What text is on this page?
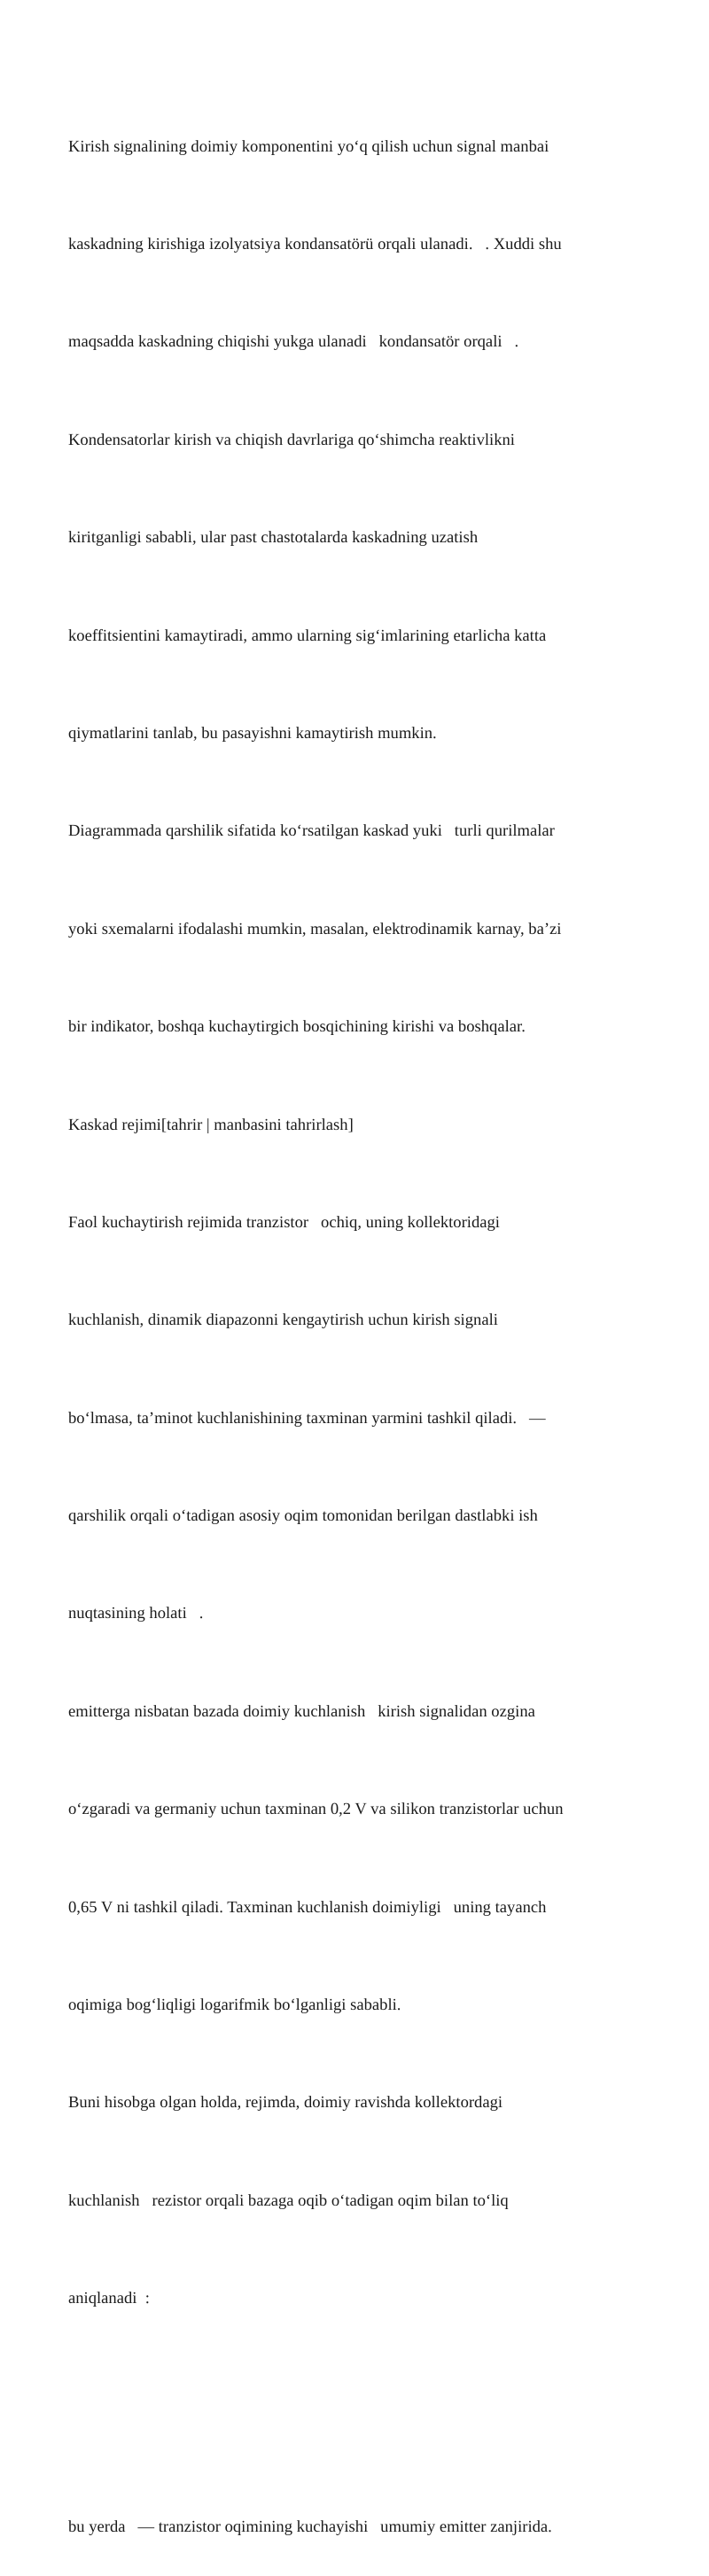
Kirish signalining doimiy komponentini yo‘q qilish uchun signal manbai

kaskadning kirishiga izolyatsiya kondansatörü orqali ulanadi.   . Xuddi shu

maqsadda kaskadning chiqishi yukga ulanadi   kondansatör orqali   .

Kondensatorlar kirish va chiqish davrlariga qo‘shimcha reaktivlikni

kiritganligi sababli, ular past chastotalarda kaskadning uzatish

koeffitsientini kamaytiradi, ammo ularning sig‘imlarining etarlicha katta

qiymatlarini tanlab, bu pasayishni kamaytirish mumkin.

Diagrammada qarshilik sifatida ko‘rsatilgan kaskad yuki   turli qurilmalar

yoki sxemalarni ifodalashi mumkin, masalan, elektrodinamik karnay, ba’zi

bir indikator, boshqa kuchaytirgich bosqichining kirishi va boshqalar.

Kaskad rejimi[tahrir | manbasini tahrirlash]

Faol kuchaytirish rejimida tranzistor   ochiq, uning kollektoridagi

kuchlanish, dinamik diapazonni kengaytirish uchun kirish signali

bo‘lmasa, ta’minot kuchlanishining taxminan yarmini tashkil qiladi.   —

qarshilik orqali o‘tadigan asosiy oqim tomonidan berilgan dastlabki ish

nuqtasining holati   .

emitterga nisbatan bazada doimiy kuchlanish   kirish signalidan ozgina

o‘zgaradi va germaniy uchun taxminan 0,2 V va silikon tranzistorlar uchun

0,65 V ni tashkil qiladi. Taxminan kuchlanish doimiyligi   uning tayanch

oqimiga bog‘liqligi logarifmik bo‘lganligi sababli.

Buni hisobga olgan holda, rejimda, doimiy ravishda kollektordagi

kuchlanish   rezistor orqali bazaga oqib o‘tadigan oqim bilan to‘liq

aniqlanadi  :

bu yerda   — tranzistor oqimining kuchayishi   umumiy emitter zanjirida.
